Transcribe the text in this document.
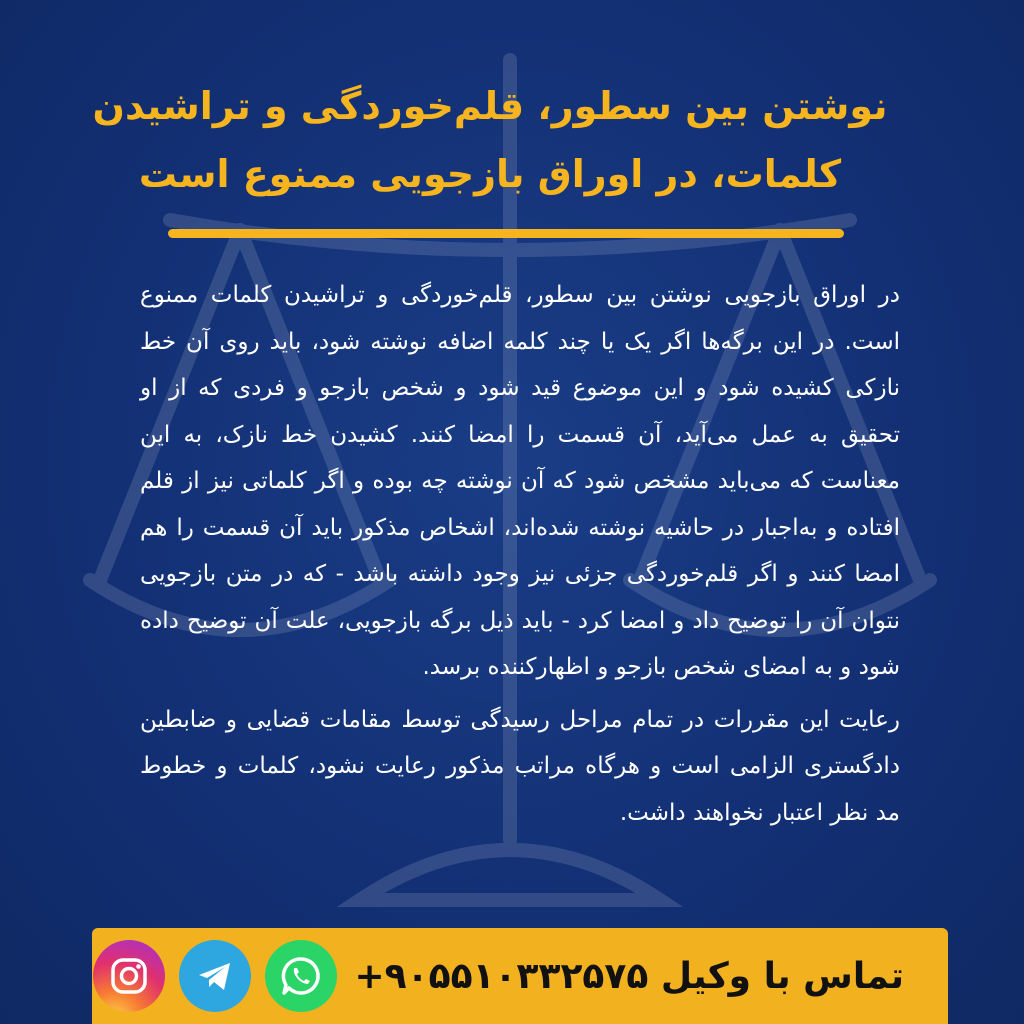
نوشتن بین سطور، قلم‌خوردگی و تراشیدن
کلمات، در اوراق بازجویی ممنوع است

در اوراق بازجویی نوشتن بین سطور، قلم‌خوردگی و تراشیدن کلمات ممنوع است. در این برگه‌ها اگر یک یا چند کلمه اضافه نوشته شود، باید روی آن خط نازکی کشیده شود و این موضوع قید شود و شخص بازجو و فردی که از او تحقیق به عمل می‌آید، آن قسمت را امضا کنند. کشیدن خط نازک، به این معناست که می‌باید مشخص شود که آن نوشته چه بوده و اگر کلماتی نیز از قلم افتاده و به‌اجبار در حاشیه نوشته شده‌اند، اشخاص مذکور باید آن قسمت را هم امضا کنند و اگر قلم‌خوردگی جزئی نیز وجود داشته باشد - که در متن بازجویی نتوان آن را توضیح داد و امضا کرد - باید ذیل برگه بازجویی، علت آن توضیح داده شود و به امضای شخص بازجو و اظهارکننده برسد.

رعایت این مقررات در تمام مراحل رسیدگی توسط مقامات قضایی و ضابطین دادگستری الزامی است و هرگاه مراتب مذکور رعایت نشود، کلمات و خطوط مد نظر اعتبار نخواهند داشت.

تماس با وکیل +۹۰۵۵۱۰۳۳۲۵۷۵
